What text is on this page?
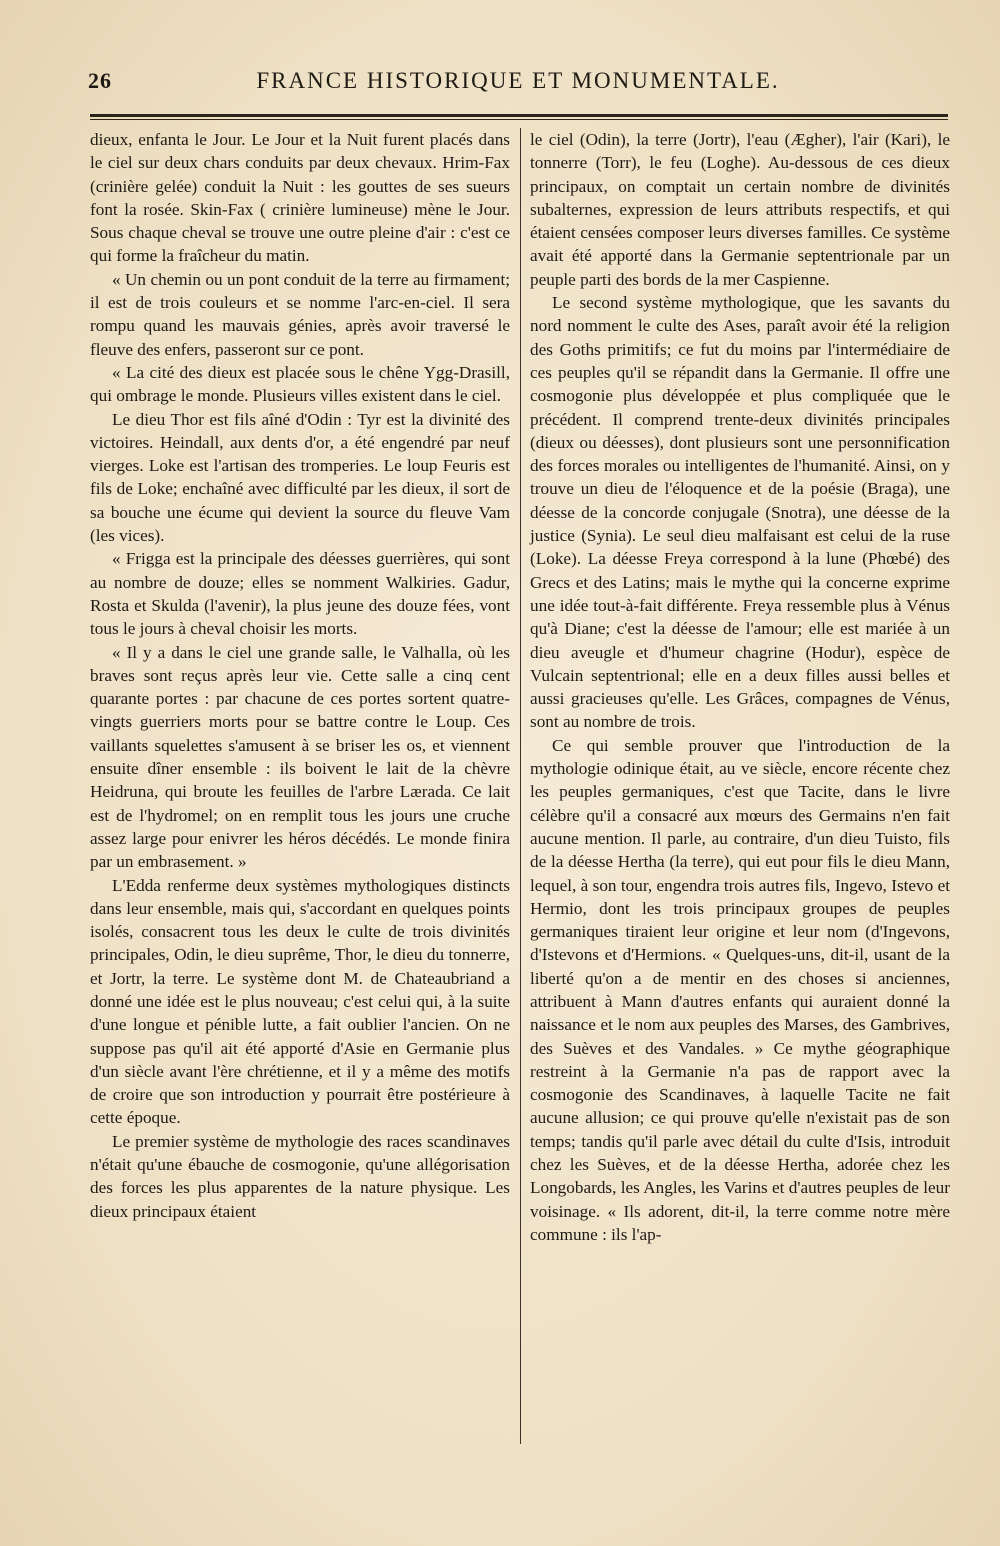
26	FRANCE HISTORIQUE ET MONUMENTALE.

dieux, enfanta le Jour. Le Jour et la Nuit furent placés dans le ciel sur deux chars conduits par deux chevaux. Hrim-Fax (crinière gelée) conduit la Nuit : les gouttes de ses sueurs font la rosée. Skin-Fax ( crinière lumineuse) mène le Jour. Sous chaque cheval se trouve une outre pleine d'air : c'est ce qui forme la fraîcheur du matin.

« Un chemin ou un pont conduit de la terre au firmament; il est de trois couleurs et se nomme l'arc-en-ciel. Il sera rompu quand les mauvais génies, après avoir traversé le fleuve des enfers, passeront sur ce pont.

« La cité des dieux est placée sous le chêne Ygg-Drasill, qui ombrage le monde. Plusieurs villes existent dans le ciel.

Le dieu Thor est fils aîné d'Odin : Tyr est la divinité des victoires. Heindall, aux dents d'or, a été engendré par neuf vierges. Loke est l'artisan des tromperies. Le loup Feuris est fils de Loke; enchaîné avec difficulté par les dieux, il sort de sa bouche une écume qui devient la source du fleuve Vam (les vices).

« Frigga est la principale des déesses guerrières, qui sont au nombre de douze; elles se nomment Walkiries. Gadur, Rosta et Skulda (l'avenir), la plus jeune des douze fées, vont tous le jours à cheval choisir les morts.

« Il y a dans le ciel une grande salle, le Valhalla, où les braves sont reçus après leur vie. Cette salle a cinq cent quarante portes : par chacune de ces portes sortent quatre-vingts guerriers morts pour se battre contre le Loup. Ces vaillants squelettes s'amusent à se briser les os, et viennent ensuite dîner ensemble : ils boivent le lait de la chèvre Heidruna, qui broute les feuilles de l'arbre Lærada. Ce lait est de l'hydromel; on en remplit tous les jours une cruche assez large pour enivrer les héros décédés. Le monde finira par un embrasement. »

L'Edda renferme deux systèmes mythologiques distincts dans leur ensemble, mais qui, s'accordant en quelques points isolés, consacrent tous les deux le culte de trois divinités principales, Odin, le dieu suprême, Thor, le dieu du tonnerre, et Jortr, la terre. Le système dont M. de Chateaubriand a donné une idée est le plus nouveau; c'est celui qui, à la suite d'une longue et pénible lutte, a fait oublier l'ancien. On ne suppose pas qu'il ait été apporté d'Asie en Germanie plus d'un siècle avant l'ère chrétienne, et il y a même des motifs de croire que son introduction y pourrait être postérieure à cette époque.

Le premier système de mythologie des races scandinaves n'était qu'une ébauche de cosmogonie, qu'une allégorisation des forces les plus apparentes de la nature physique. Les dieux principaux étaient

le ciel (Odin), la terre (Jortr), l'eau (Ægher), l'air (Kari), le tonnerre (Torr), le feu (Loghe). Au-dessous de ces dieux principaux, on comptait un certain nombre de divinités subalternes, expression de leurs attributs respectifs, et qui étaient censées composer leurs diverses familles. Ce système avait été apporté dans la Germanie septentrionale par un peuple parti des bords de la mer Caspienne.

Le second système mythologique, que les savants du nord nomment le culte des Ases, paraît avoir été la religion des Goths primitifs; ce fut du moins par l'intermédiaire de ces peuples qu'il se répandit dans la Germanie. Il offre une cosmogonie plus développée et plus compliquée que le précédent. Il comprend trente-deux divinités principales (dieux ou déesses), dont plusieurs sont une personnification des forces morales ou intelligentes de l'humanité. Ainsi, on y trouve un dieu de l'éloquence et de la poésie (Braga), une déesse de la concorde conjugale (Snotra), une déesse de la justice (Synia). Le seul dieu malfaisant est celui de la ruse (Loke). La déesse Freya correspond à la lune (Phœbé) des Grecs et des Latins; mais le mythe qui la concerne exprime une idée tout-à-fait différente. Freya ressemble plus à Vénus qu'à Diane; c'est la déesse de l'amour; elle est mariée à un dieu aveugle et d'humeur chagrine (Hodur), espèce de Vulcain septentrional; elle en a deux filles aussi belles et aussi gracieuses qu'elle. Les Grâces, compagnes de Vénus, sont au nombre de trois.

Ce qui semble prouver que l'introduction de la mythologie odinique était, au ve siècle, encore récente chez les peuples germaniques, c'est que Tacite, dans le livre célèbre qu'il a consacré aux mœurs des Germains n'en fait aucune mention. Il parle, au contraire, d'un dieu Tuisto, fils de la déesse Hertha (la terre), qui eut pour fils le dieu Mann, lequel, à son tour, engendra trois autres fils, Ingevo, Istevo et Hermio, dont les trois principaux groupes de peuples germaniques tiraient leur origine et leur nom (d'Ingevons, d'Istevons et d'Hermions. « Quelques-uns, dit-il, usant de la liberté qu'on a de mentir en des choses si anciennes, attribuent à Mann d'autres enfants qui auraient donné la naissance et le nom aux peuples des Marses, des Gambrives, des Suèves et des Vandales. » Ce mythe géographique restreint à la Germanie n'a pas de rapport avec la cosmogonie des Scandinaves, à laquelle Tacite ne fait aucune allusion; ce qui prouve qu'elle n'existait pas de son temps; tandis qu'il parle avec détail du culte d'Isis, introduit chez les Suèves, et de la déesse Hertha, adorée chez les Longobards, les Angles, les Varins et d'autres peuples de leur voisinage. « Ils adorent, dit-il, la terre comme notre mère commune : ils l'ap-
